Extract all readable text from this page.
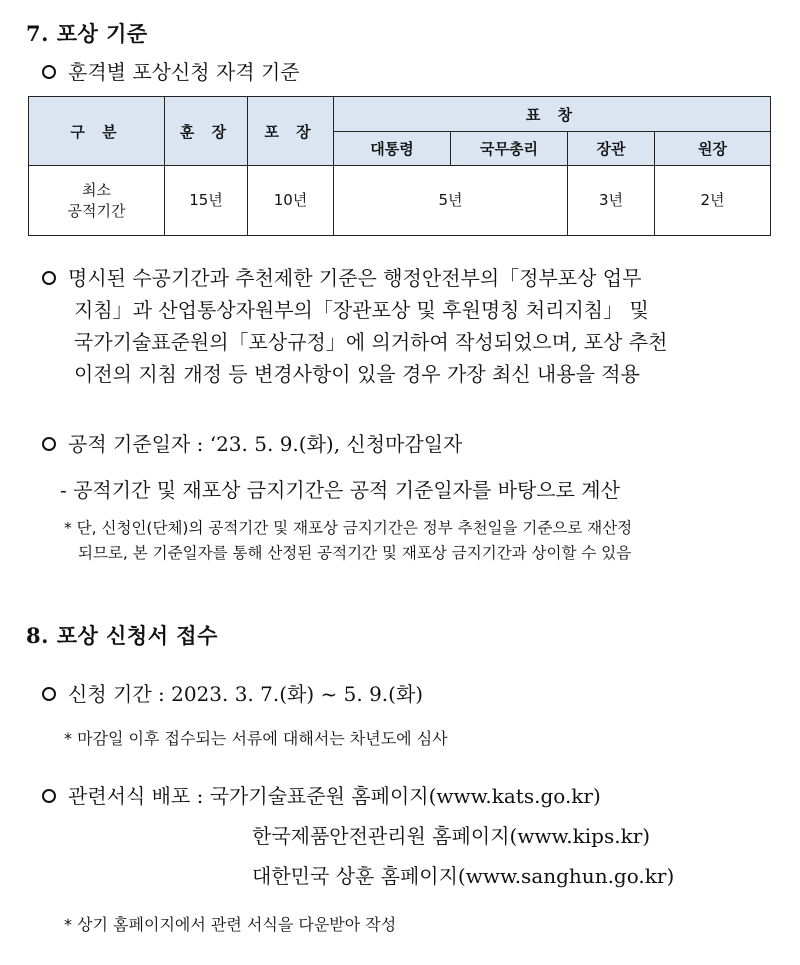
7. 포상 기준
훈격별 포상신청 자격 기준
구 분	훈 장	포 장	표 창			
			대통령	국무총리	장관	원장

최소
공적기간	15년	10년	5년		3년	2년
명시된 수공기간과 추천제한 기준은 행정안전부의「정부포상 업무
지침」과 산업통상자원부의「장관포상 및 후원명칭 처리지침」 및
국가기술표준원의「포상규정」에 의거하여 작성되었으며, 포상 추천
이전의 지침 개정 등 변경사항이 있을 경우 가장 최신 내용을 적용
공적 기준일자 : ‘23. 5. 9.(화), 신청마감일자
- 공적기간 및 재포상 금지기간은 공적 기준일자를 바탕으로 계산
* 단, 신청인(단체)의 공적기간 및 재포상 금지기간은 정부 추천일을 기준으로 재산정
되므로, 본 기준일자를 통해 산정된 공적기간 및 재포상 금지기간과 상이할 수 있음
8. 포상 신청서 접수
신청 기간 : 2023. 3. 7.(화) ~ 5. 9.(화)
* 마감일 이후 접수되는 서류에 대해서는 차년도에 심사
관련서식 배포 : 국가기술표준원 홈페이지(www.kats.go.kr)
한국제품안전관리원 홈페이지(www.kips.kr)
대한민국 상훈 홈페이지(www.sanghun.go.kr)
* 상기 홈페이지에서 관련 서식을 다운받아 작성
